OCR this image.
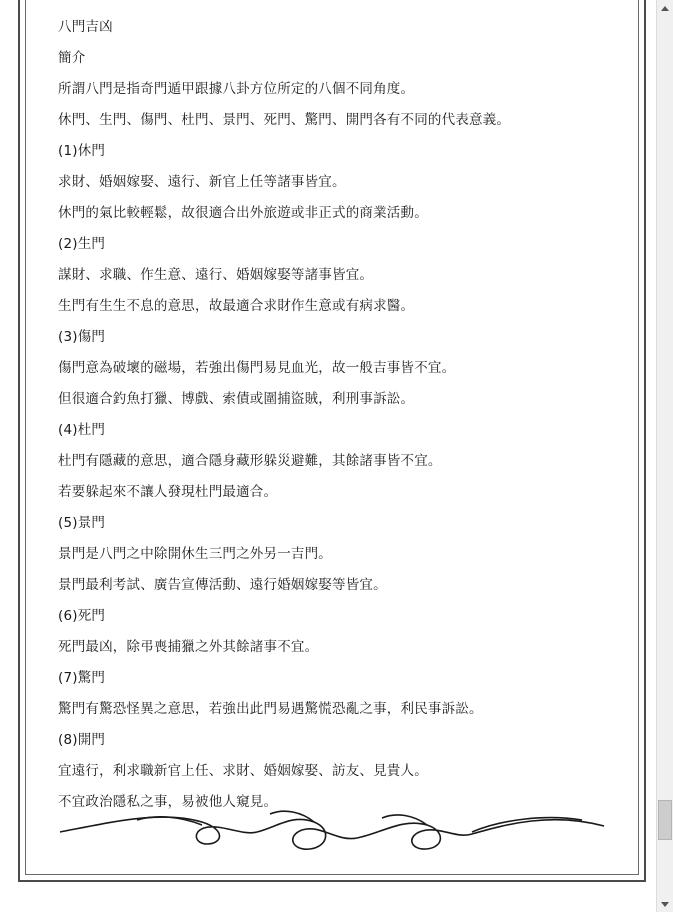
八門吉凶
簡介
所謂八門是指奇門遁甲跟據八卦方位所定的八個不同角度。
休門、生門、傷門、杜門、景門、死門、驚門、開門各有不同的代表意義。
(1)休門
求財、婚姻嫁娶、遠行、新官上任等諸事皆宜。
休門的氣比較輕鬆，故很適合出外旅遊或非正式的商業活動。
(2)生門
謀財、求職、作生意、遠行、婚姻嫁娶等諸事皆宜。
生門有生生不息的意思，故最適合求財作生意或有病求醫。
(3)傷門
傷門意為破壞的磁場，若強出傷門易見血光，故一般吉事皆不宜。
但很適合釣魚打獵、博戲、索債或圍捕盜賊，利刑事訴訟。
(4)杜門
杜門有隱藏的意思，適合隱身藏形躲災避難，其餘諸事皆不宜。
若要躲起來不讓人發現杜門最適合。
(5)景門
景門是八門之中除開休生三門之外另一吉門。
景門最利考試、廣告宣傳活動、遠行婚姻嫁娶等皆宜。
(6)死門
死門最凶，除弔喪捕獵之外其餘諸事不宜。
(7)驚門
驚門有驚恐怪異之意思，若強出此門易遇驚慌恐亂之事，利民事訴訟。
(8)開門
宜遠行，利求職新官上任、求財、婚姻嫁娶、訪友、見貴人。
不宜政治隱私之事，易被他人窺見。
